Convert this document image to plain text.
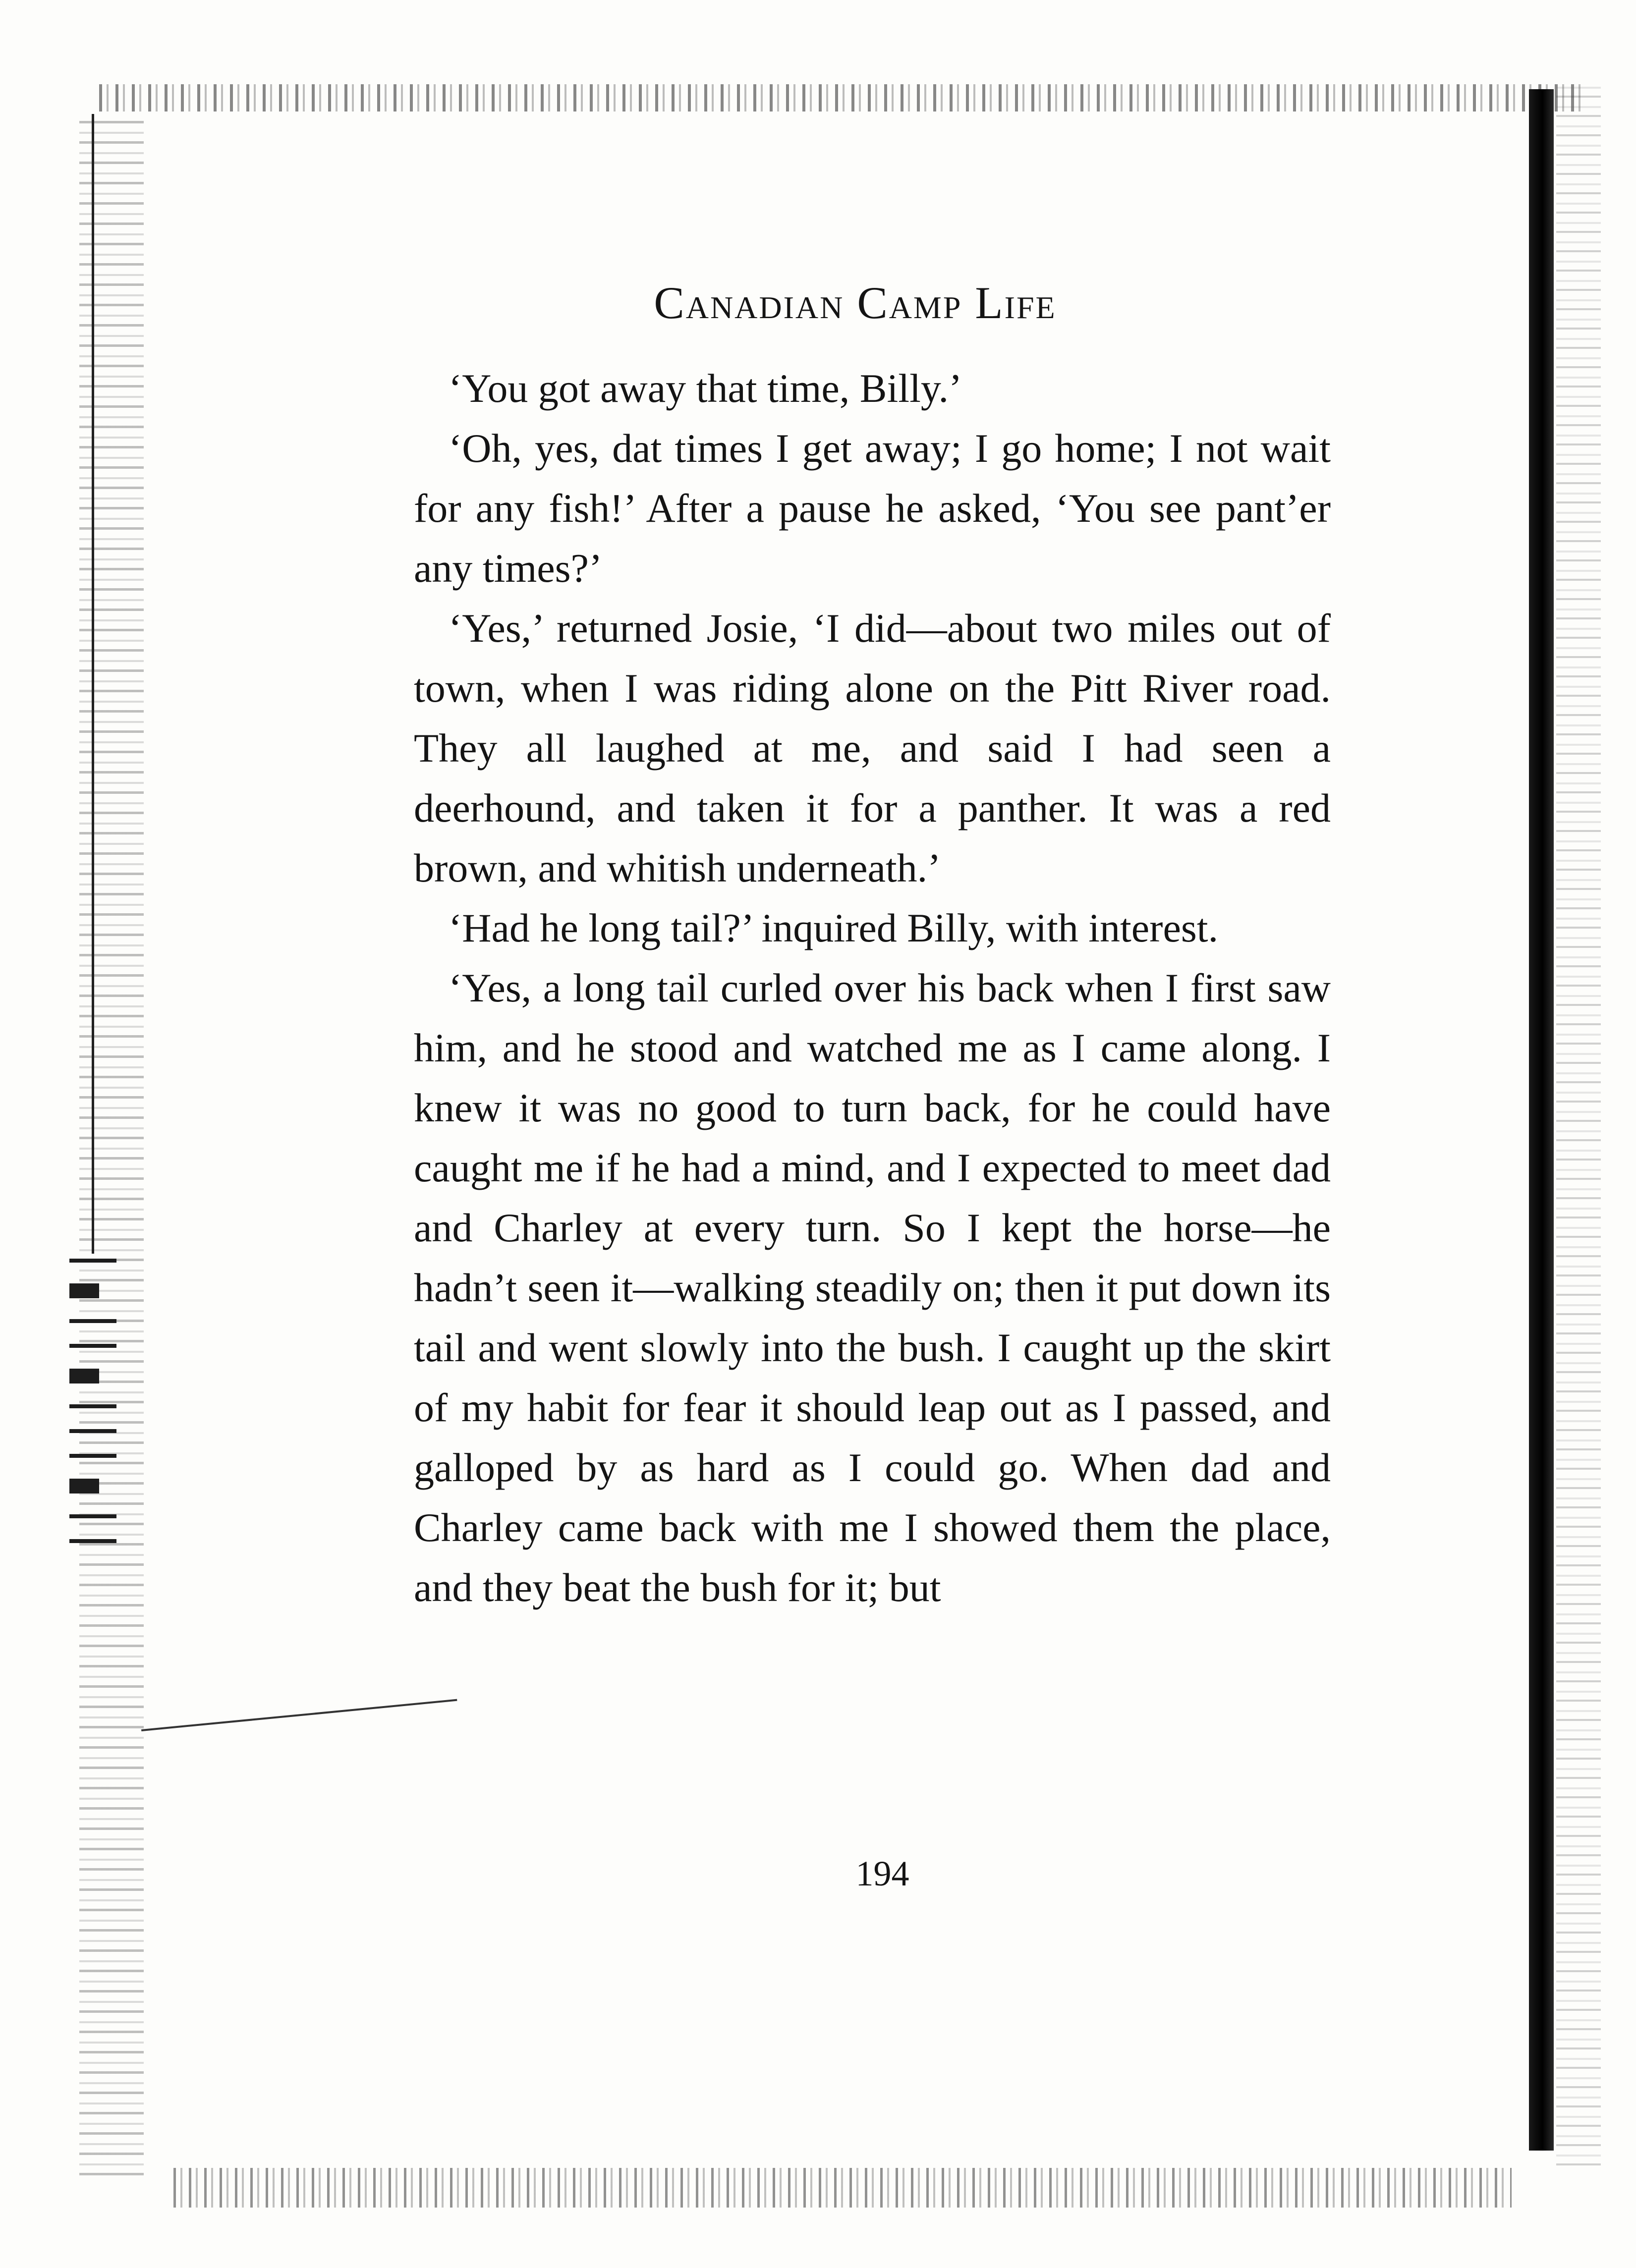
Canadian Camp Life

‘You got away that time, Billy.’

‘Oh, yes, dat times I get away; I go home; I not wait for any fish!’ After a pause he asked, ‘You see pant’er any times?’

‘Yes,’ returned Josie, ‘I did—about two miles out of town, when I was riding alone on the Pitt River road. They all laughed at me, and said I had seen a deerhound, and taken it for a panther. It was a red brown, and whitish underneath.’

‘Had he long tail?’ inquired Billy, with interest.

‘Yes, a long tail curled over his back when I first saw him, and he stood and watched me as I came along. I knew it was no good to turn back, for he could have caught me if he had a mind, and I expected to meet dad and Charley at every turn. So I kept the horse—he hadn’t seen it—walking steadily on; then it put down its tail and went slowly into the bush. I caught up the skirt of my habit for fear it should leap out as I passed, and galloped by as hard as I could go. When dad and Charley came back with me I showed them the place, and they beat the bush for it; but

194
